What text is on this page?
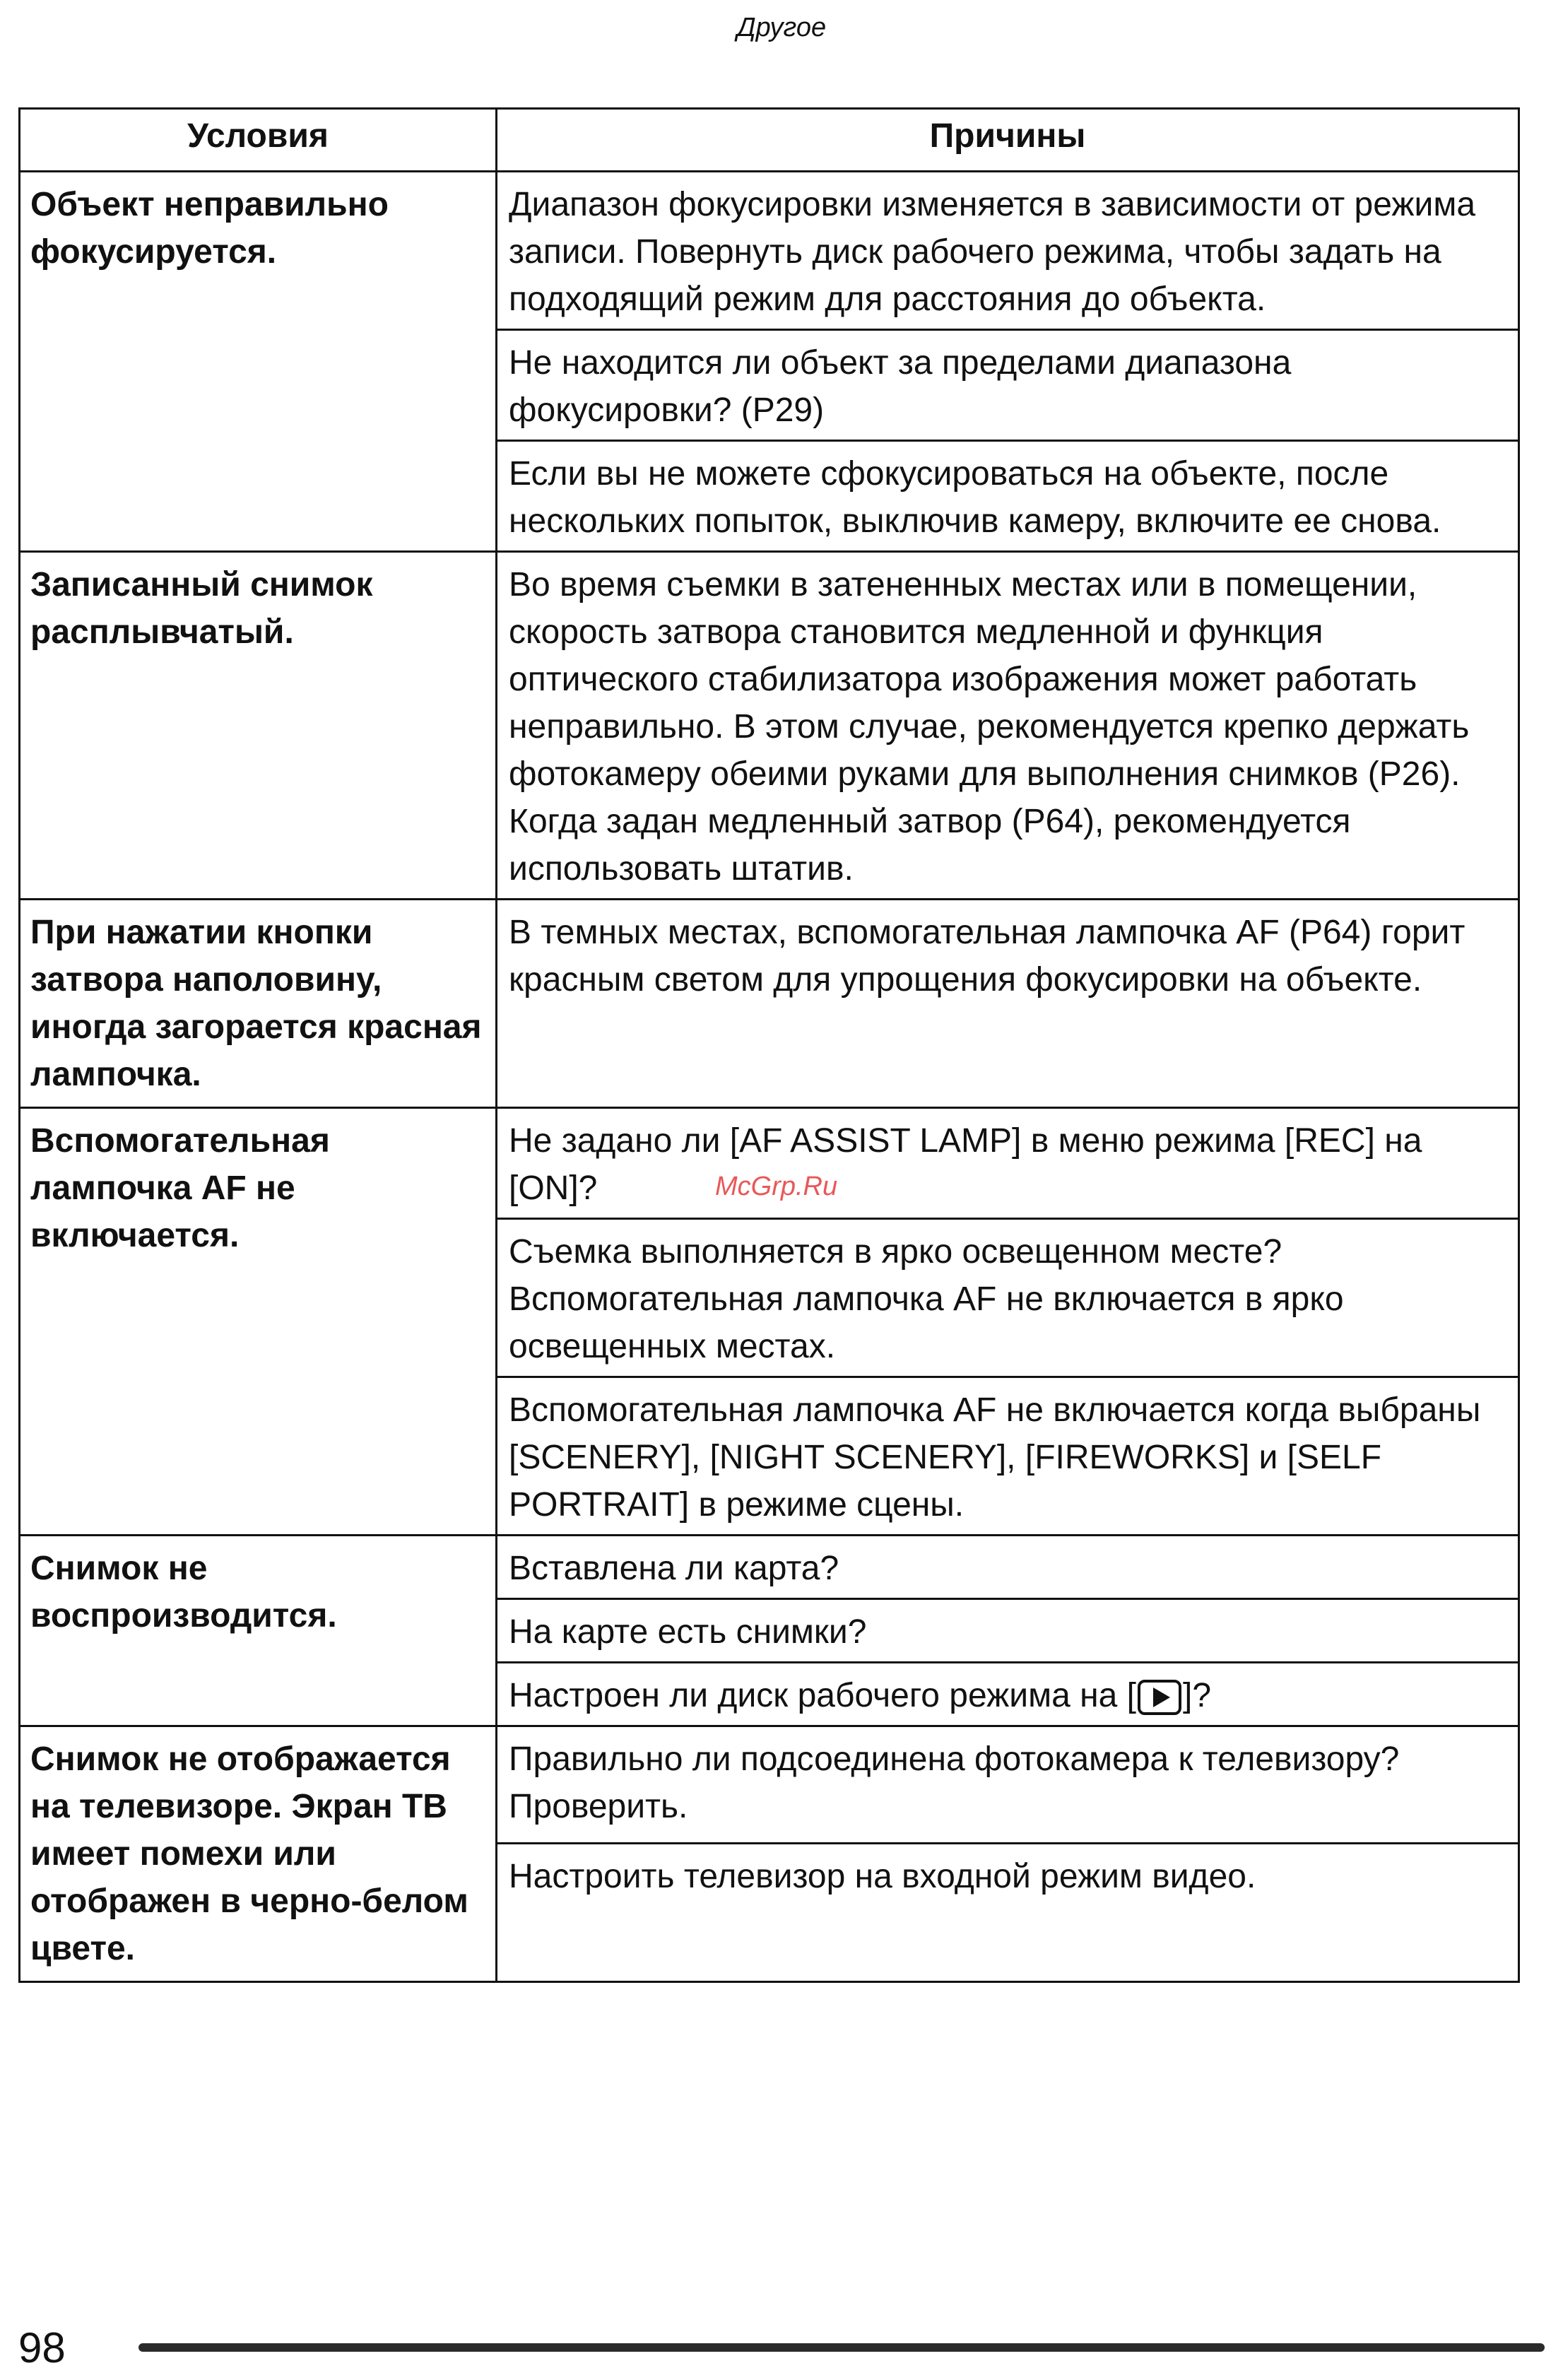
Другое
Условия	Причины
Объект неправильно фокусируется.	Диапазон фокусировки изменяется в зависимости от режима записи. Повернуть диск рабочего режима, чтобы задать на подходящий режим для расстояния до объекта.
	Не находится ли объект за пределами диапазона фокусировки? (P29)
	Если вы не можете сфокусироваться на объекте, после нескольких попыток, выключив камеру, включите ее снова.
Записанный снимок расплывчатый.	Во время съемки в затененных местах или в помещении, скорость затвора становится медленной и функция оптического стабилизатора изображения может работать неправильно. В этом случае, рекомендуется крепко держать фотокамеру обеими руками для выполнения снимков (P26). Когда задан медленный затвор (P64), рекомендуется использовать штатив.
При нажатии кнопки затвора наполовину, иногда загорается красная лампочка.	В темных местах, вспомогательная лампочка AF (P64) горит красным светом для упрощения фокусировки на объекте.
Вспомогательная лампочка AF не включается.	Не задано ли [AF ASSIST LAMP] в меню режима [REC] на [ON]?
	Съемка выполняется в ярко освещенном месте? Вспомогательная лампочка AF не включается в ярко освещенных местах.
	Вспомогательная лампочка AF не включается когда выбраны [SCENERY], [NIGHT SCENERY], [FIREWORKS] и [SELF PORTRAIT] в режиме сцены.
Снимок не воспроизводится.	Вставлена ли карта?
	На карте есть снимки?
	Настроен ли диск рабочего режима на [ ]?
Снимок не отображается на телевизоре. Экран ТВ имеет помехи или отображен в черно-белом цвете.	Правильно ли подсоединена фотокамера к телевизору? Проверить.
	Настроить телевизор на входной режим видео.
McGrp.Ru
98
